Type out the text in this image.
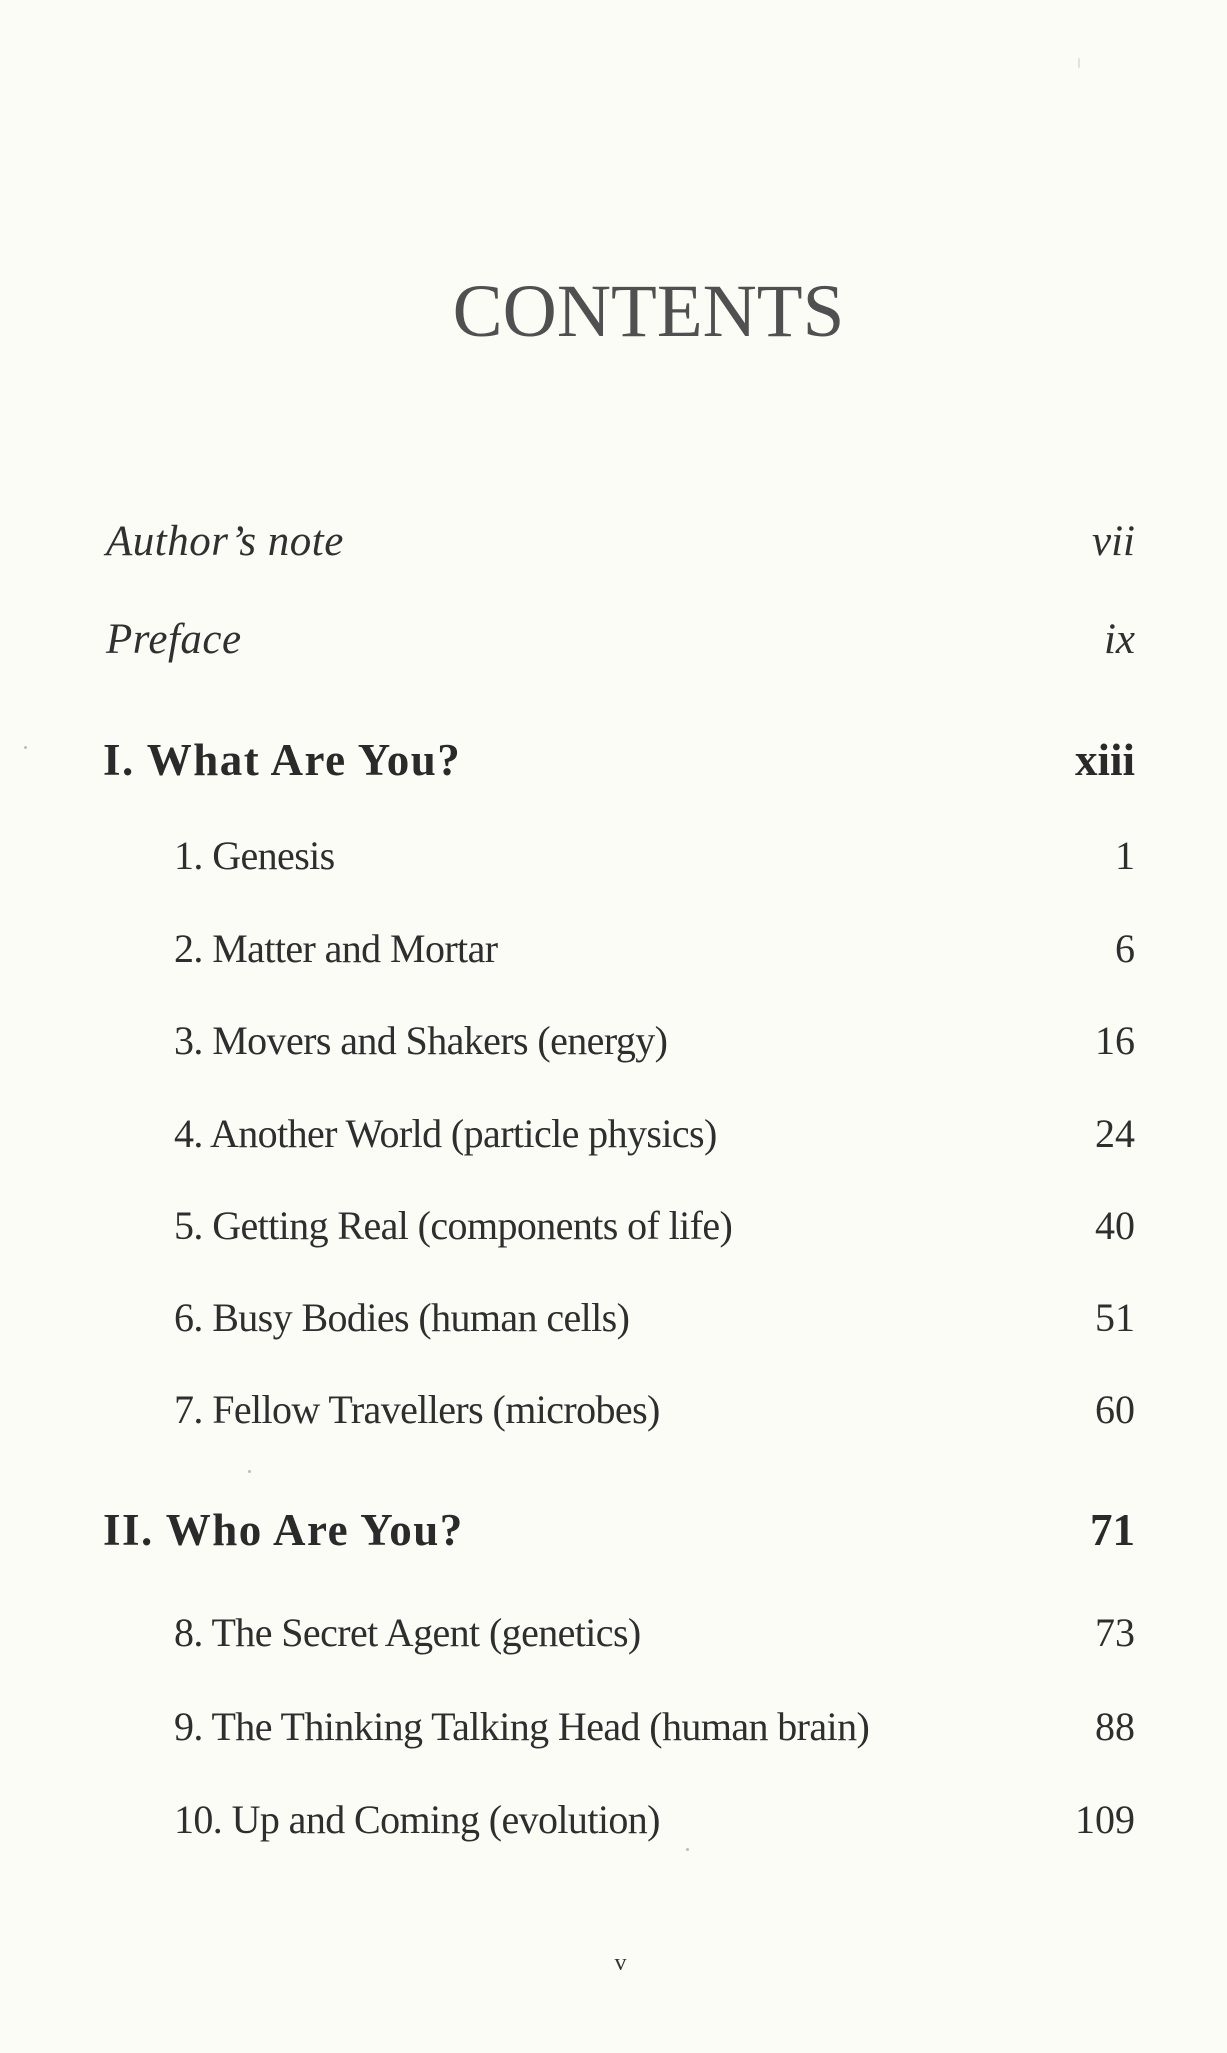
CONTENTS
Author’s note	vii
Preface	ix
I. What Are You?	xiii
1. Genesis	1
2. Matter and Mortar	6
3. Movers and Shakers (energy)	16
4. Another World (particle physics)	24
5. Getting Real (components of life)	40
6. Busy Bodies (human cells)	51
7. Fellow Travellers (microbes)	60
II. Who Are You?	71
8. The Secret Agent (genetics)	73
9. The Thinking Talking Head (human brain)	88
10. Up and Coming (evolution)	109
v
